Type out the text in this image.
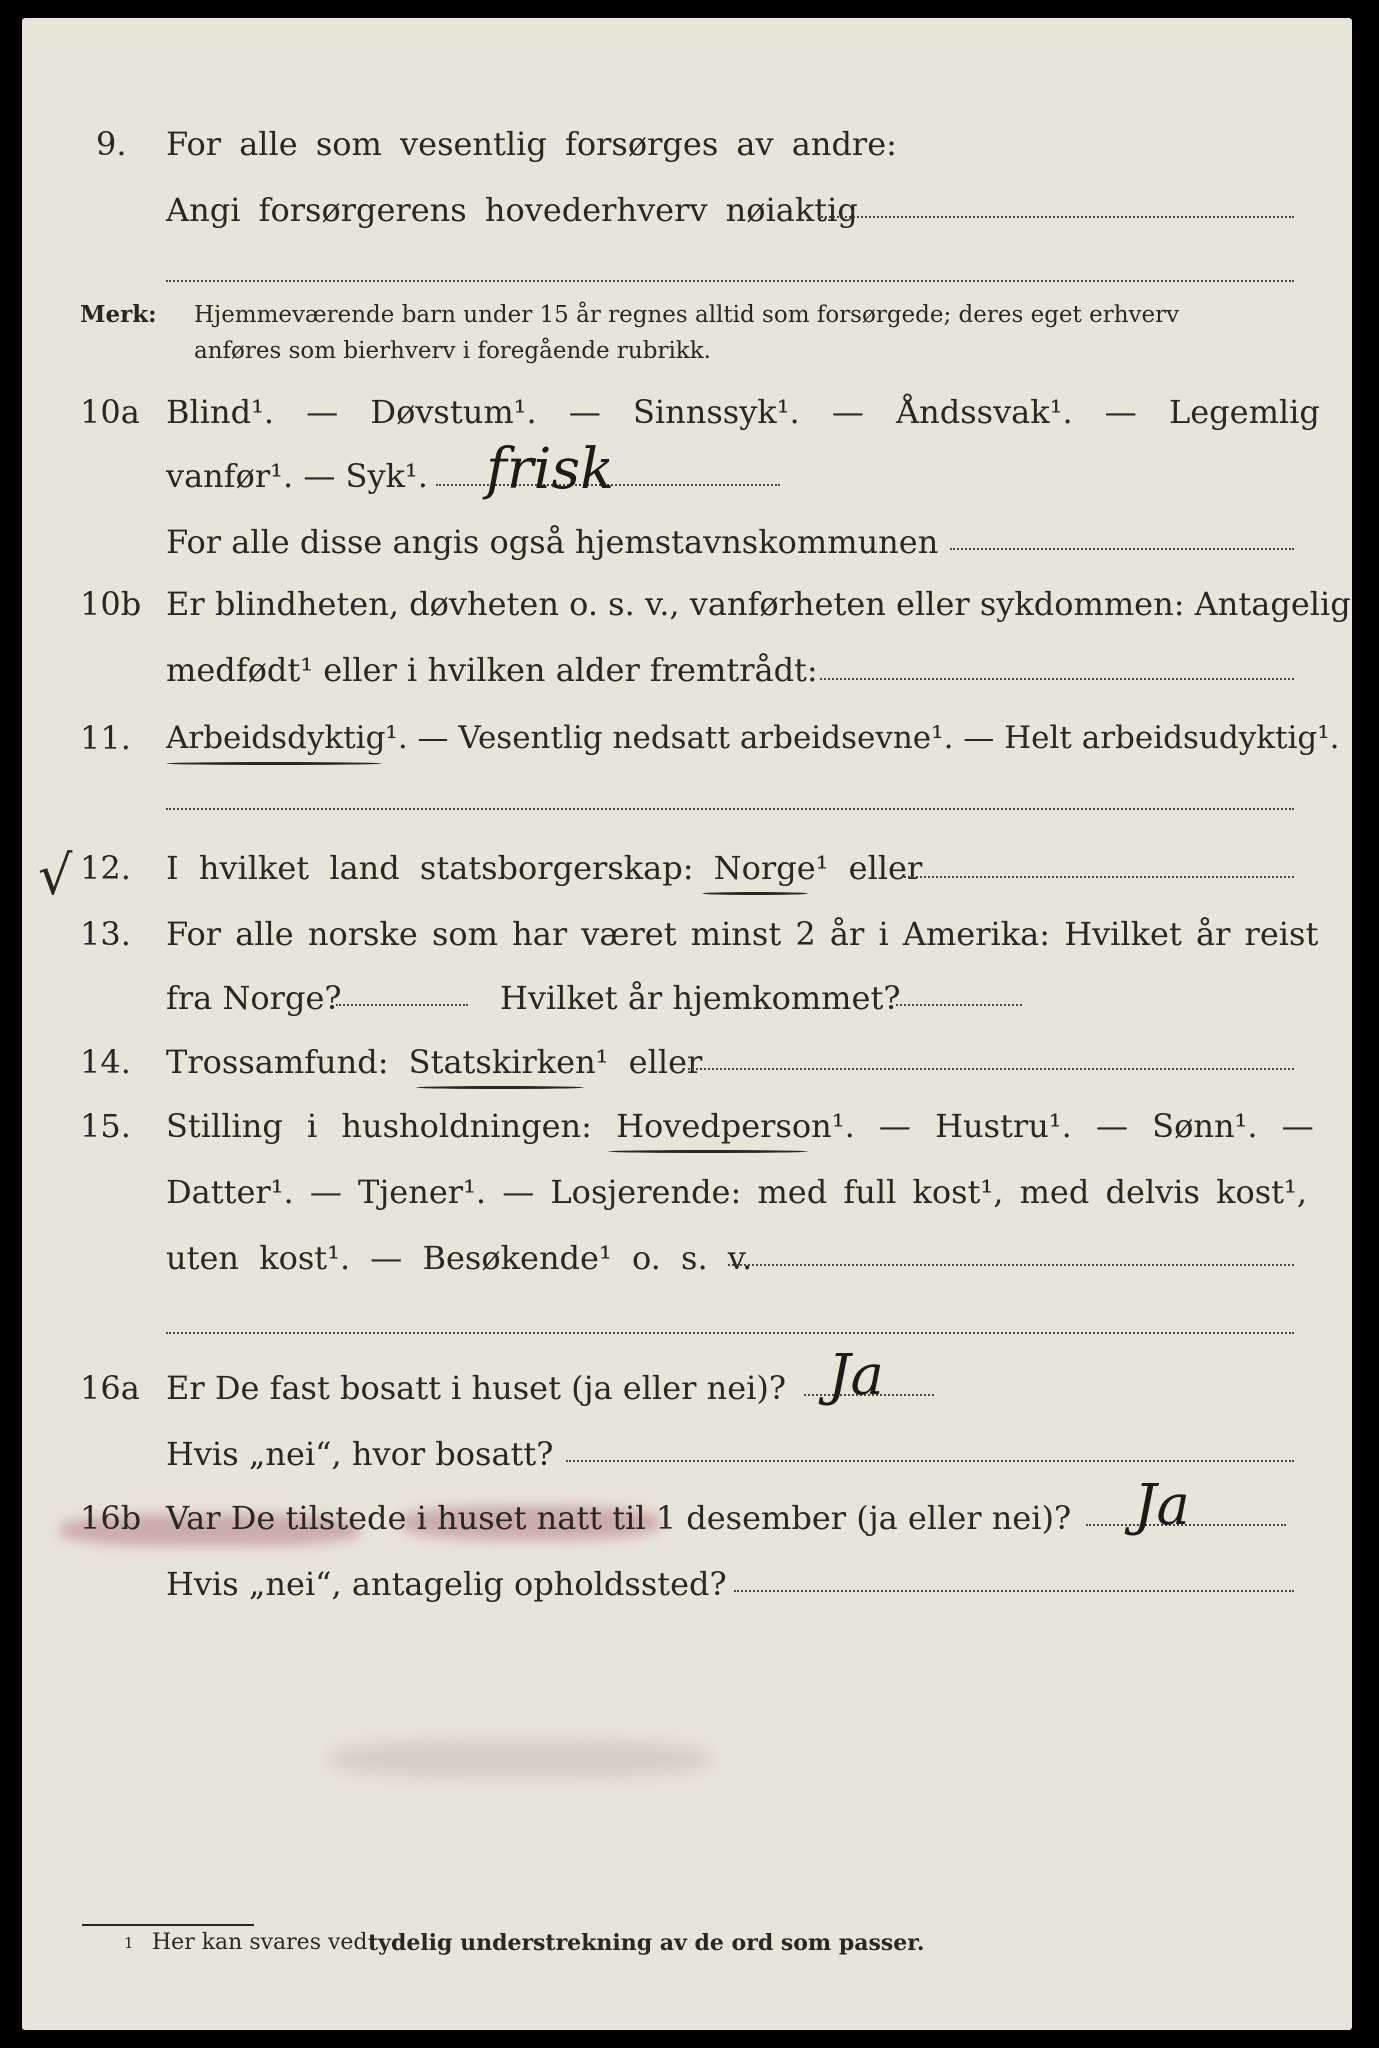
9. For alle som vesentlig forsørges av andre:
Angi forsørgerens hovederhverv nøiaktig
Merk: Hjemmeværende barn under 15 år regnes alltid som forsørgede; deres eget erhverv
anføres som bierhverv i foregående rubrikk.
10a Blind¹. — Døvstum¹. — Sinnssyk¹. — Åndssvak¹. — Legemlig
vanfør¹. — Syk¹. frisk
For alle disse angis også hjemstavnskommunen
10b Er blindheten, døvheten o. s. v., vanførheten eller sykdommen: Antagelig
medfødt¹ eller i hvilken alder fremtrådt:
11. Arbeidsdyktig¹. — Vesentlig nedsatt arbeidsevne¹. — Helt arbeidsudyktig¹.
√ 12. I hvilket land statsborgerskap: Norge¹ eller
13. For alle norske som har været minst 2 år i Amerika: Hvilket år reist
fra Norge?	Hvilket år hjemkommet?
14. Trossamfund: Statskirken¹ eller
15. Stilling i husholdningen: Hovedperson¹. — Hustru¹. — Sønn¹. —
Datter¹. — Tjener¹. — Losjerende: med full kost¹, med delvis kost¹,
uten kost¹. — Besøkende¹ o. s. v.
16a Er De fast bosatt i huset (ja eller nei)? Ja
Hvis „nei“, hvor bosatt?
16b Var De tilstede i huset natt til 1 desember (ja eller nei)? Ja
Hvis „nei“, antagelig opholdssted?
1 Her kan svares ved tydelig understrekning av de ord som passer.
